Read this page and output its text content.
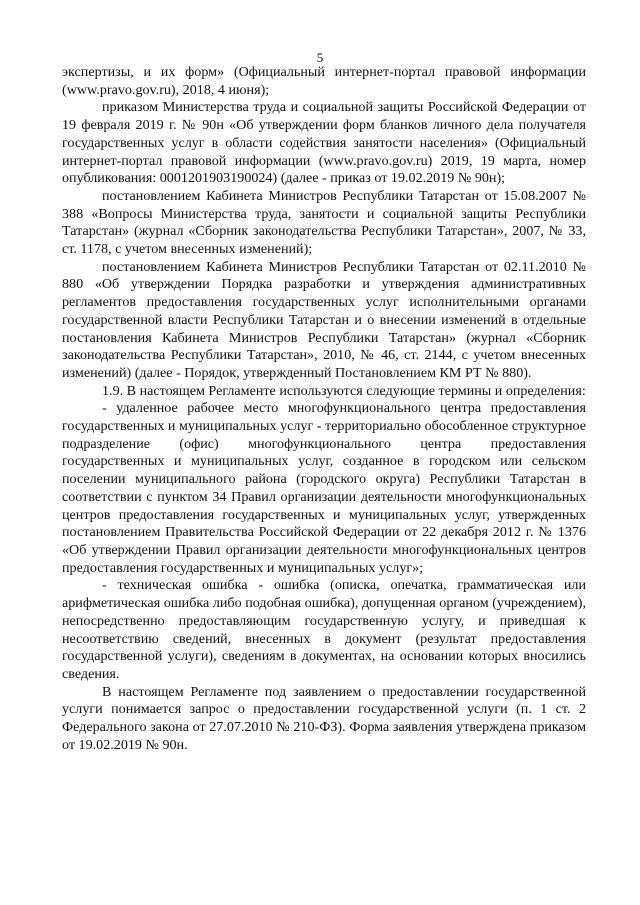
5

экспертизы, и их форм» (Официальный интернет-портал правовой информации (www.pravo.gov.ru), 2018, 4 июня);

приказом Министерства труда и социальной защиты Российской Федерации от 19 февраля 2019 г. № 90н «Об утверждении форм бланков личного дела получателя государственных услуг в области содействия занятости населения» (Официальный интернет-портал правовой информации (www.pravo.gov.ru) 2019, 19 марта, номер опубликования: 0001201903190024) (далее - приказ от 19.02.2019 № 90н);

постановлением Кабинета Министров Республики Татарстан от 15.08.2007 № 388 «Вопросы Министерства труда, занятости и социальной защиты Республики Татарстан» (журнал «Сборник законодательства Республики Татарстан», 2007, № 33, ст. 1178, с учетом внесенных изменений);

постановлением Кабинета Министров Республики Татарстан от 02.11.2010 № 880 «Об утверждении Порядка разработки и утверждения административных регламентов предоставления государственных услуг исполнительными органами государственной власти Республики Татарстан и о внесении изменений в отдельные постановления Кабинета Министров Республики Татарстан» (журнал «Сборник законодательства Республики Татарстан», 2010, № 46, ст. 2144, с учетом внесенных изменений) (далее - Порядок, утвержденный Постановлением КМ РТ № 880).

1.9. В настоящем Регламенте используются следующие термины и определения:

- удаленное рабочее место многофункционального центра предоставления государственных и муниципальных услуг - территориально обособленное структурное подразделение (офис) многофункционального центра предоставления государственных и муниципальных услуг, созданное в городском или сельском поселении муниципального района (городского округа) Республики Татарстан в соответствии с пунктом 34 Правил организации деятельности многофункциональных центров предоставления государственных и муниципальных услуг, утвержденных постановлением Правительства Российской Федерации от 22 декабря 2012 г. № 1376 «Об утверждении Правил организации деятельности многофункциональных центров предоставления государственных и муниципальных услуг»;

- техническая ошибка - ошибка (описка, опечатка, грамматическая или арифметическая ошибка либо подобная ошибка), допущенная органом (учреждением), непосредственно предоставляющим государственную услугу, и приведшая к несоответствию сведений, внесенных в документ (результат предоставления государственной услуги), сведениям в документах, на основании которых вносились сведения.

В настоящем Регламенте под заявлением о предоставлении государственной услуги понимается запрос о предоставлении государственной услуги (п. 1 ст. 2 Федерального закона от 27.07.2010 № 210-ФЗ). Форма заявления утверждена приказом от 19.02.2019 № 90н.
